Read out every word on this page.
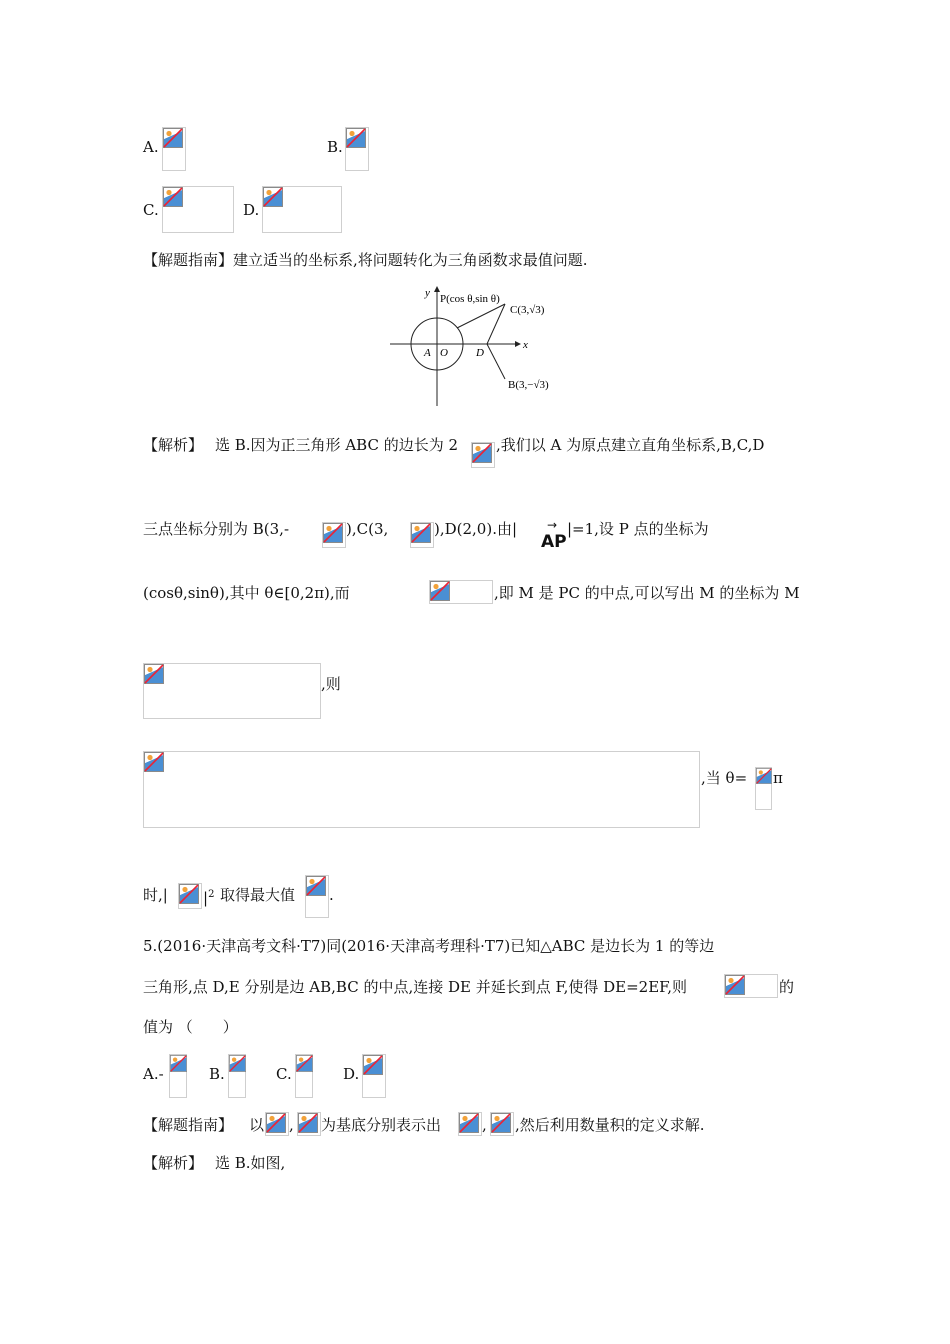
A.	B.
C.	D.
【解题指南】建立适当的坐标系,将问题转化为三角函数求最值问题.
y
x
P(cos θ,sin θ)
C(3,√3)
A O	D
B(3,−√3)
【解析】 选 B.因为正三角形 ABC 的边长为 2	,我们以 A 为原点建立直角坐标系,B,C,D
三点坐标分别为 B(3,-	),C(3,	),D(2,0).由| →
AP
|=1,设 P 点的坐标为
(cosθ,sinθ),其中 θ∈[0,2π),而	,即 M 是 PC 的中点,可以写出 M 的坐标为 M
,则
,当 θ= π
时,| $|^2$ 取得最大值 .
5.(2016·天津高考文科·T7)同(2016·天津高考理科·T7)已知△ABC 是边长为 1 的等边
三角形,点 D,E 分别是边 AB,BC 的中点,连接 DE 并延长到点 F,使得 DE=2EF,则	的
值为 （　　）
A.-	B.	C.	D.
【解题指南】 以 , 为基底分别表示出	, ,然后利用数量积的定义求解.
【解析】 选 B.如图,
